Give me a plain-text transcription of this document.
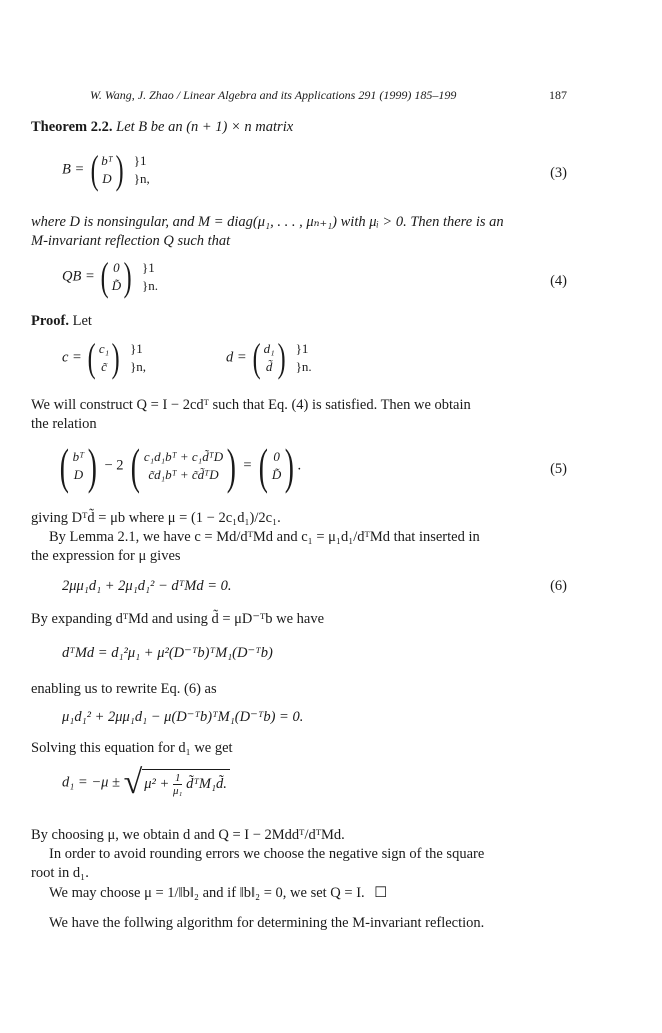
W. Wang, J. Zhao / Linear Algebra and its Applications 291 (1999) 185–199	187
Theorem 2.2. Let B be an (n + 1) × n matrix
B = ( bᵀ
D) }1
}n,	(3)
where D is nonsingular, and M = diag(μ₁, . . . , μₙ₊₁) with μᵢ > 0. Then there is an
M-invariant reflection Q such that
QB = ( 0
D̃) }1
}n.	(4)
Proof. Let
c = ( c₁
c̃ ) }1
}n,
d = ( d₁
d̃ ) }1
}n.
We will construct Q = I − 2cdᵀ such that Eq. (4) is satisfied. Then we obtain
the relation
( bᵀ
D) − 2 ( c₁d₁bᵀ + c₁d̃ᵀD
c̃d₁bᵀ + c̃d̃ᵀD ) = ( 0
D̃) .	(5)
giving Dᵀd̃ = μb where μ = (1 − 2c₁d₁)/2c₁.
By Lemma 2.1, we have c = Md/dᵀMd and c₁ = μ₁d₁/dᵀMd that inserted in
the expression for μ gives
2μμ₁d₁ + 2μ₁d₁² − dᵀMd = 0.	(6)
By expanding dᵀMd and using d̃ = μD⁻ᵀb we have
dᵀMd = d₁²μ₁ + μ²(D⁻ᵀb)ᵀM₁(D⁻ᵀb)
enabling us to rewrite Eq. (6) as
μ₁d₁² + 2μμ₁d₁ − μ(D⁻ᵀb)ᵀM₁(D⁻ᵀb) = 0.
Solving this equation for d₁ we get
d₁ = −μ ± √ $\mu^2 + \frac{1}{\text{μ₁}}$ d̃ᵀM₁d̃.
By choosing μ, we obtain d and Q = I − 2Mddᵀ/dᵀMd.
In order to avoid rounding errors we choose the negative sign of the square
root in d₁.
We may choose μ = 1/‖b‖₂ and if ‖b‖₂ = 0, we set Q = I. ☐
We have the follwing algorithm for determining the M-invariant reflection.
